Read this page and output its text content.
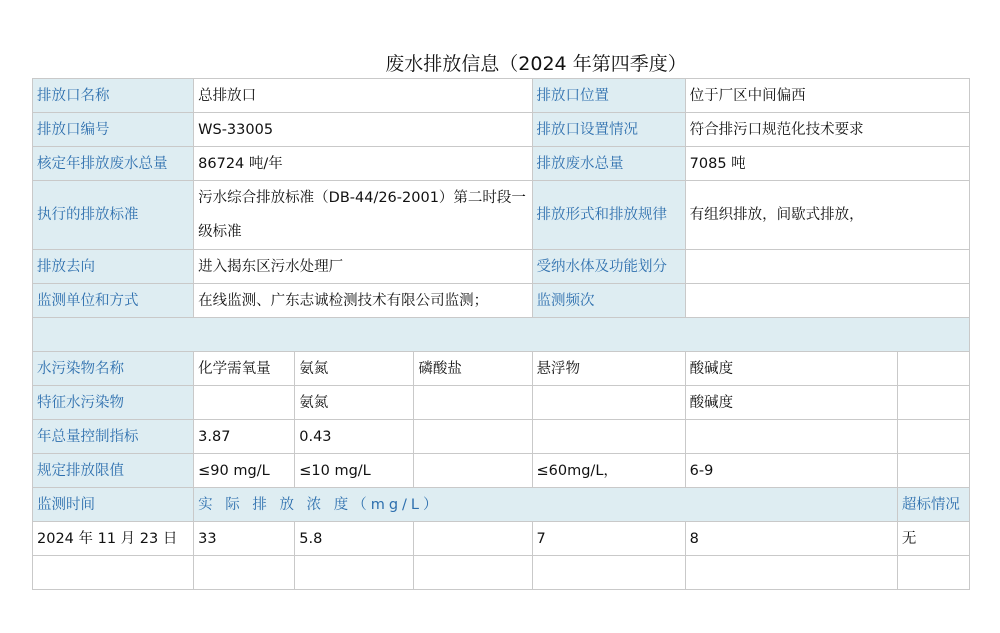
废水排放信息（2024 年第四季度）
排放口名称	总排放口			排放口位置	位于厂区中间偏西	
排放口编号	WS-33005			排放口设置情况	符合排污口规范化技术要求	
核定年排放废水总量	86724 吨/年			排放废水总量	7085 吨	
执行的排放标准	污水综合排放标准（DB-44/26-2001）第二时段一级标准			排放形式和排放规律	有组织排放，间歇式排放，	
排放去向	进入揭东区污水处理厂			受纳水体及功能划分		
监测单位和方式	在线监测、广东志诚检测技术有限公司监测；			监测频次		

水污染物名称	化学需氧量	氨氮	磷酸盐	悬浮物	酸碱度	
特征水污染物		氨氮			酸碱度	
年总量控制指标	3.87	0.43				
规定排放限值	≤90 mg/L	≤10 mg/L		≤60mg/L，	6-9	
监测时间	实 际 排 放 浓 度（mg/L）					超标情况
2024 年 11 月 23 日	33	5.8		7	8	无
